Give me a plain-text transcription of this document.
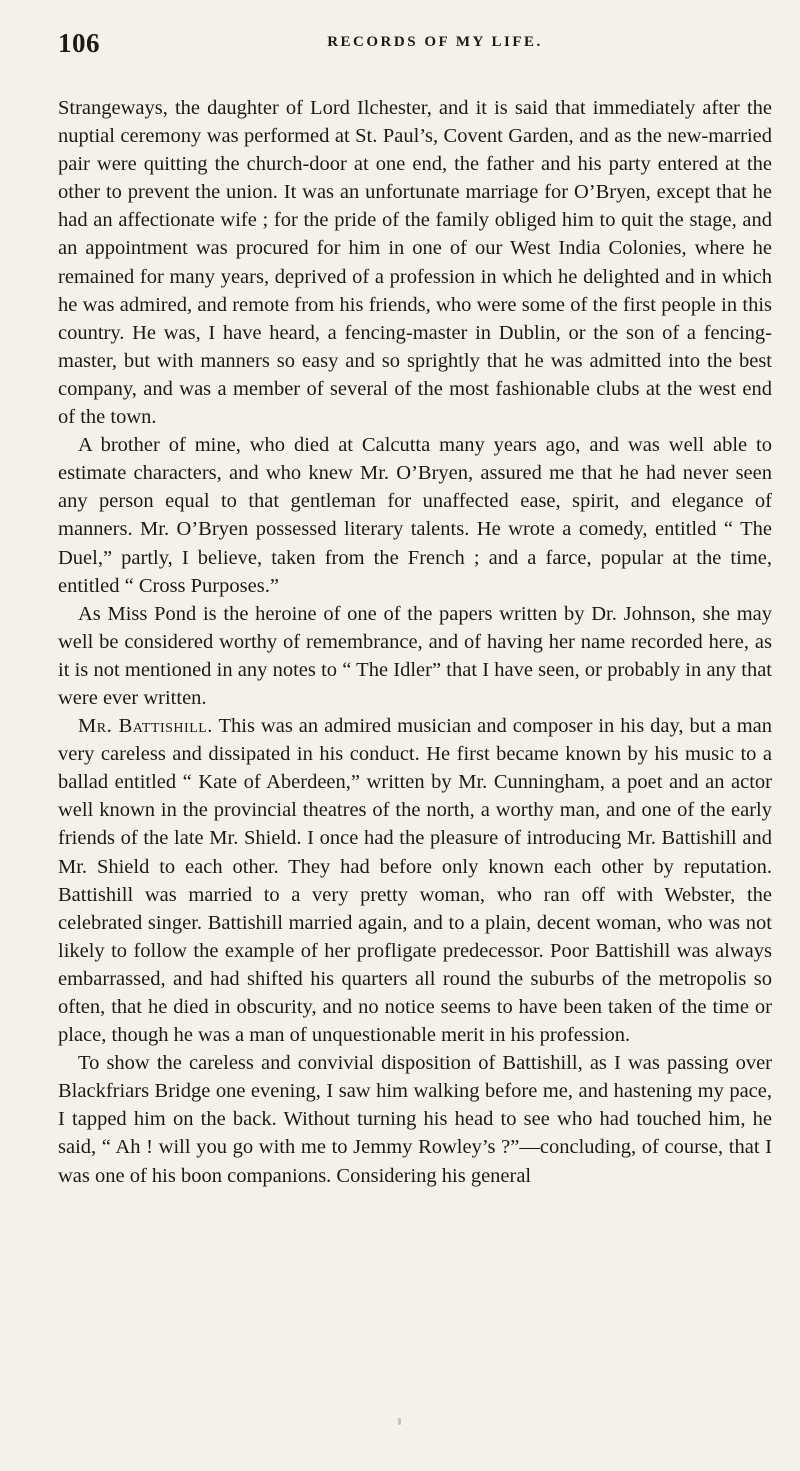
106	RECORDS OF MY LIFE.

Strangeways, the daughter of Lord Ilchester, and it is said that immediately after the nuptial ceremony was performed at St. Paul’s, Covent Garden, and as the new-married pair were quitting the church-door at one end, the father and his party entered at the other to prevent the union. It was an unfortunate marriage for O’Bryen, except that he had an affectionate wife ; for the pride of the family obliged him to quit the stage, and an appointment was procured for him in one of our West India Colonies, where he remained for many years, deprived of a profession in which he delighted and in which he was admired, and remote from his friends, who were some of the first people in this country. He was, I have heard, a fencing-master in Dublin, or the son of a fencing-master, but with manners so easy and so sprightly that he was admitted into the best company, and was a member of several of the most fashionable clubs at the west end of the town.

A brother of mine, who died at Calcutta many years ago, and was well able to estimate characters, and who knew Mr. O’Bryen, assured me that he had never seen any person equal to that gentleman for unaffected ease, spirit, and elegance of manners. Mr. O’Bryen possessed literary talents. He wrote a comedy, entitled “ The Duel,” partly, I believe, taken from the French ; and a farce, popular at the time, entitled “ Cross Purposes.”

As Miss Pond is the heroine of one of the papers written by Dr. Johnson, she may well be considered worthy of remembrance, and of having her name recorded here, as it is not mentioned in any notes to “ The Idler” that I have seen, or probably in any that were ever written.

Mr. Battishill. This was an admired musician and composer in his day, but a man very careless and dissipated in his conduct. He first became known by his music to a ballad entitled “ Kate of Aberdeen,” written by Mr. Cunningham, a poet and an actor well known in the provincial theatres of the north, a worthy man, and one of the early friends of the late Mr. Shield. I once had the pleasure of introducing Mr. Battishill and Mr. Shield to each other. They had before only known each other by reputation. Battishill was married to a very pretty woman, who ran off with Webster, the celebrated singer. Battishill married again, and to a plain, decent woman, who was not likely to follow the example of her profligate predecessor. Poor Battishill was always embarrassed, and had shifted his quarters all round the suburbs of the metropolis so often, that he died in obscurity, and no notice seems to have been taken of the time or place, though he was a man of unquestionable merit in his profession.

To show the careless and convivial disposition of Battishill, as I was passing over Blackfriars Bridge one evening, I saw him walking before me, and hastening my pace, I tapped him on the back. Without turning his head to see who had touched him, he said, “ Ah ! will you go with me to Jemmy Rowley’s ?”—concluding, of course, that I was one of his boon companions. Considering his general
